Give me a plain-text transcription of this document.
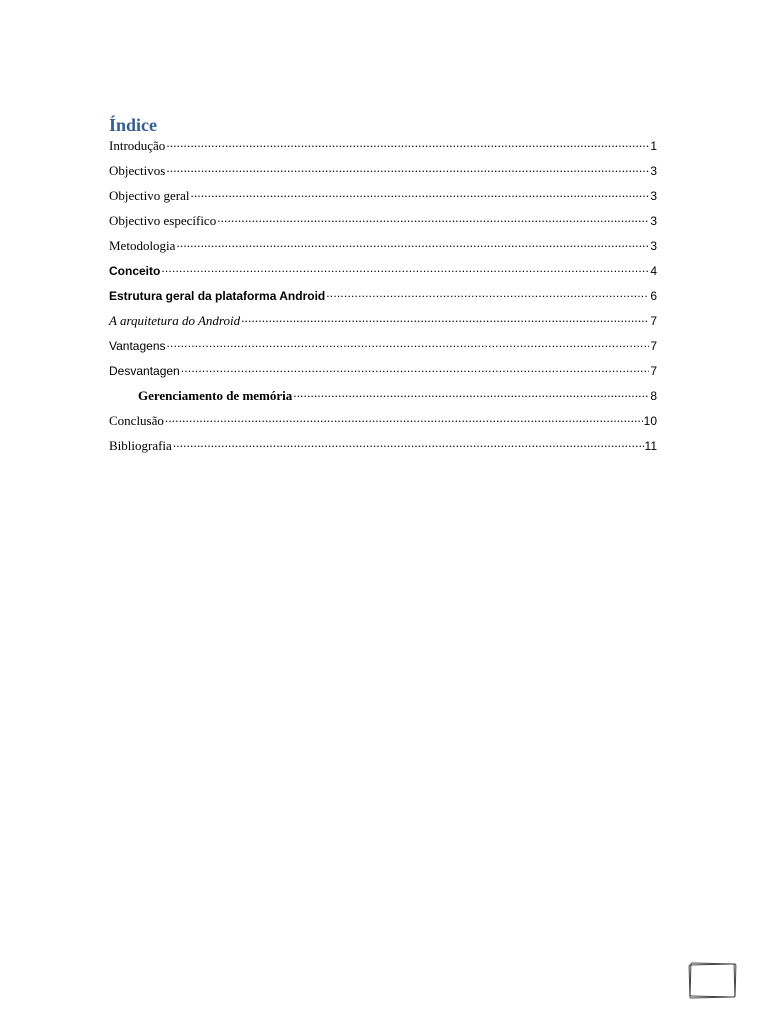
Índice
Introdução .....	1
Objectivos .....	3
Objectivo geral .....	3
Objectivo específico .....	3
Metodologia .....	3
Conceito .....	4
Estrutura geral da plataforma Android .....	6
A arquitetura do Android .....	7
Vantagens .....	7
Desvantagen .....	7
Gerenciamento de memória .....	8
Conclusão .....	10
Bibliografia .....	11
